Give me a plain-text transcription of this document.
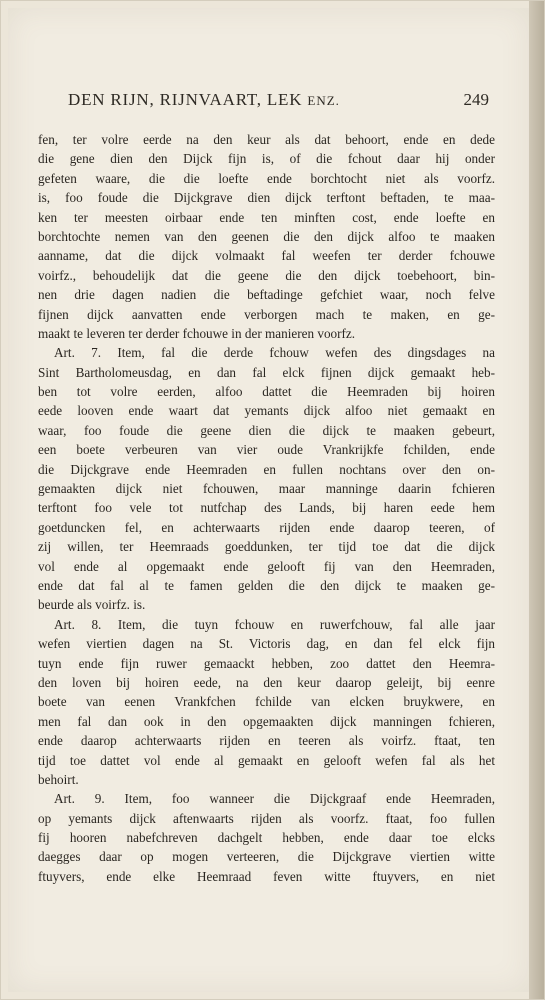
DEN RIJN, RIJNVAART, LEK ENZ.	249
fen, ter volre eerde na den keur als dat behoort, ende en dede
die gene dien den Dijck fijn is, of die fchout daar hij onder
gefeten waare, die die loefte ende borchtocht niet als voorfz.
is, foo foude die Dijckgrave dien dijck terftont beftaden, te maa-
ken ter meesten oirbaar ende ten minften cost, ende loefte en
borchtochte nemen van den geenen die den dijck alfoo te maaken
aanname, dat die dijck volmaakt fal weefen ter derder fchouwe
voirfz., behoudelijk dat die geene die den dijck toebehoort, bin-
nen drie dagen nadien die beftadinge gefchiet waar, noch felve
fijnen dijck aanvatten ende verborgen mach te maken, en ge-
maakt te leveren ter derder fchouwe in der manieren voorfz.
Art. 7. Item, fal die derde fchouw wefen des dingsdages na
Sint Bartholomeusdag, en dan fal elck fijnen dijck gemaakt heb-
ben tot volre eerden, alfoo dattet die Heemraden bij hoiren
eede looven ende waart dat yemants dijck alfoo niet gemaakt en
waar, foo foude die geene dien die dijck te maaken gebeurt,
een boete verbeuren van vier oude Vrankrijkfe fchilden, ende
die Dijckgrave ende Heemraden en fullen nochtans over den on-
gemaakten dijck niet fchouwen, maar manninge daarin fchieren
terftont foo vele tot nutfchap des Lands, bij haren eede hem
goetduncken fel, en achterwaarts rijden ende daarop teeren, of
zij willen, ter Heemraads goeddunken, ter tijd toe dat die dijck
vol ende al opgemaakt ende gelooft fij van den Heemraden,
ende dat fal al te famen gelden die den dijck te maaken ge-
beurde als voirfz. is.
Art. 8. Item, die tuyn fchouw en ruwerfchouw, fal alle jaar
wefen viertien dagen na St. Victoris dag, en dan fel elck fijn
tuyn ende fijn ruwer gemaackt hebben, zoo dattet den Heemra-
den loven bij hoiren eede, na den keur daarop geleijt, bij eenre
boete van eenen Vrankfchen fchilde van elcken bruykwere, en
men fal dan ook in den opgemaakten dijck manningen fchieren,
ende daarop achterwaarts rijden en teeren als voirfz. ftaat, ten
tijd toe dattet vol ende al gemaakt en gelooft wefen fal als het
behoirt.
Art. 9. Item, foo wanneer die Dijckgraaf ende Heemraden,
op yemants dijck aftenwaarts rijden als voorfz. ftaat, foo fullen
fij hooren nabefchreven dachgelt hebben, ende daar toe elcks
daegges daar op mogen verteeren, die Dijckgrave viertien witte
ftuyvers, ende elke Heemraad feven witte ftuyvers, en niet
